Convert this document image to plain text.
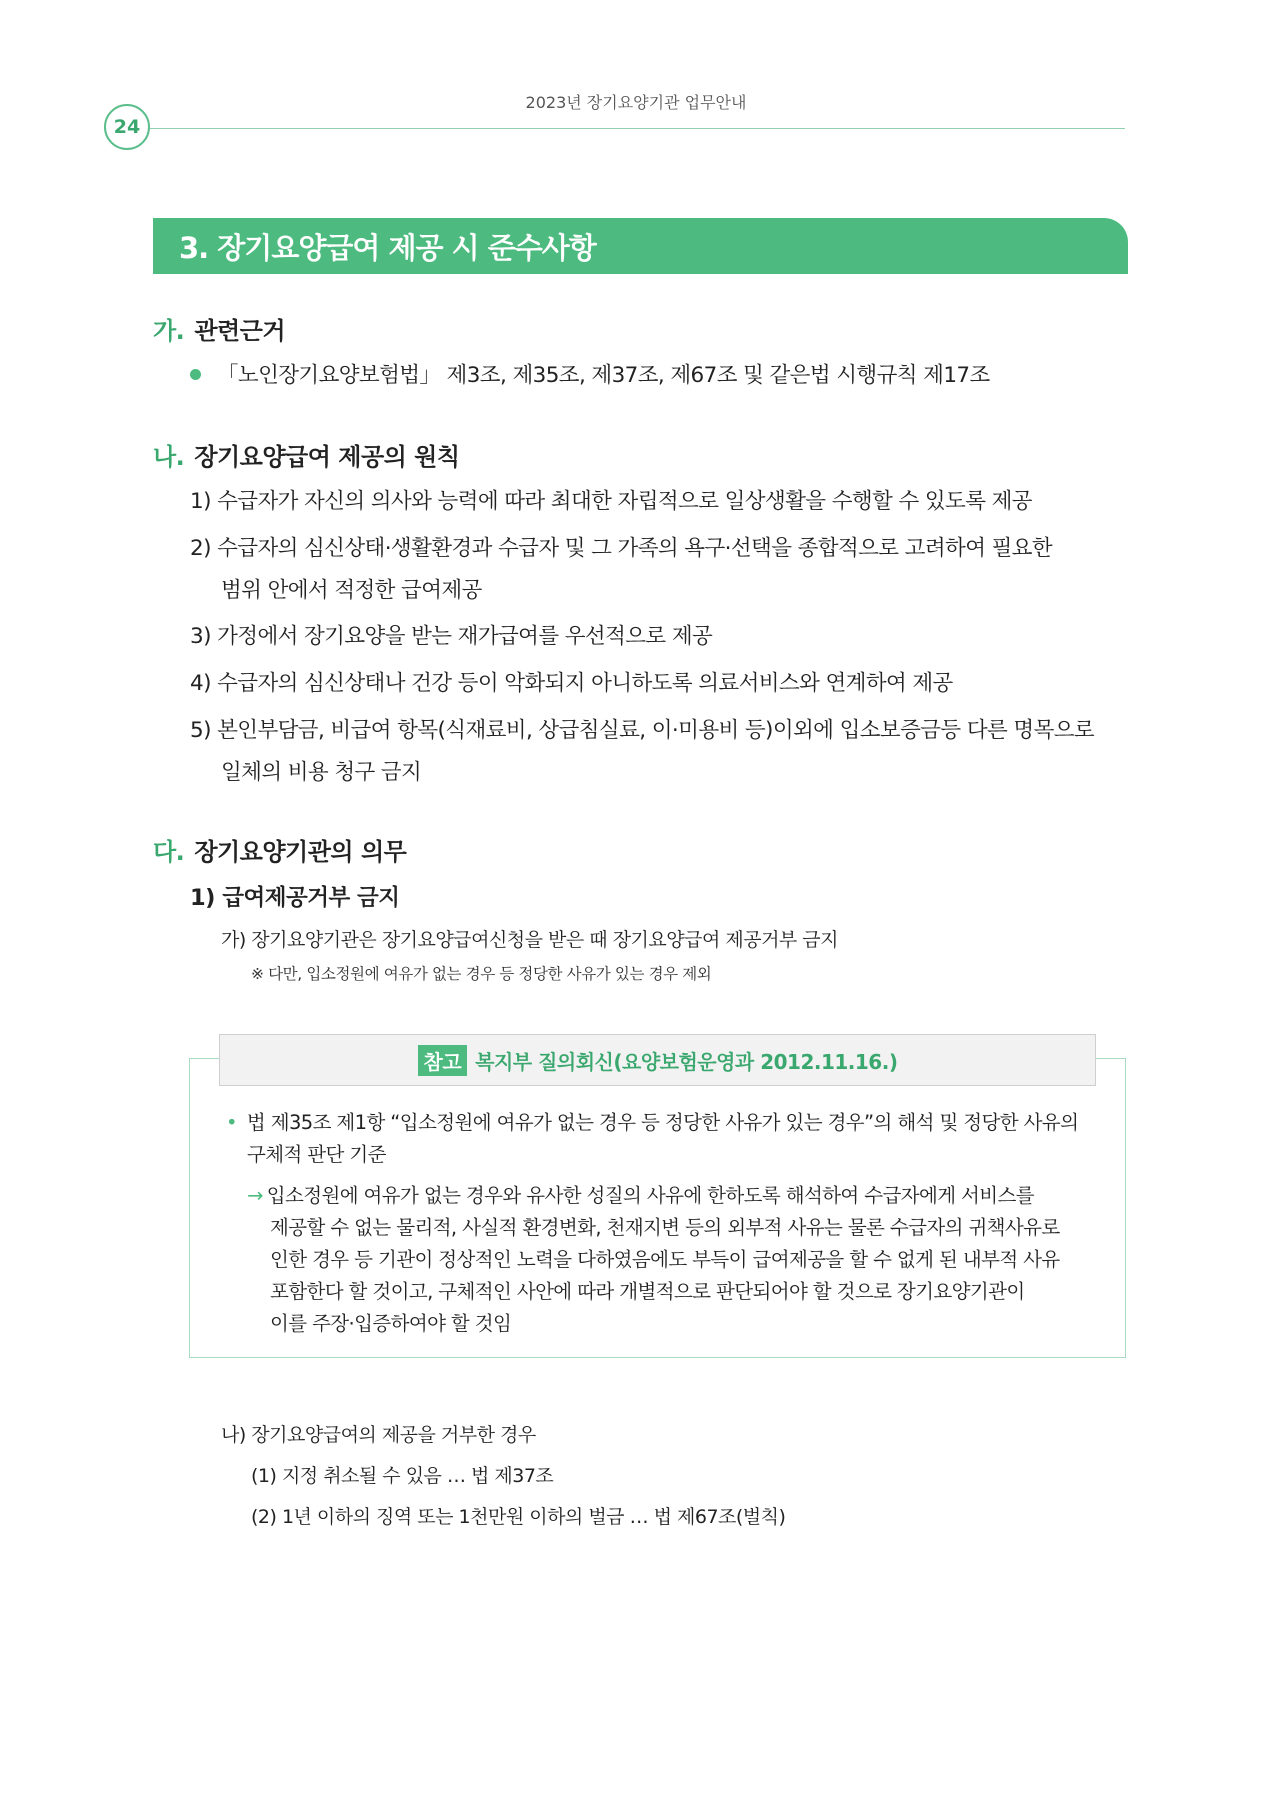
2023년 장기요양기관 업무안내
24
3. 장기요양급여 제공 시 준수사항
가. 관련근거
「노인장기요양보험법」 제3조, 제35조, 제37조, 제67조 및 같은법 시행규칙 제17조
나. 장기요양급여 제공의 원칙
1) 수급자가 자신의 의사와 능력에 따라 최대한 자립적으로 일상생활을 수행할 수 있도록 제공
2) 수급자의 심신상태·생활환경과 수급자 및 그 가족의 욕구·선택을 종합적으로 고려하여 필요한
범위 안에서 적정한 급여제공
3) 가정에서 장기요양을 받는 재가급여를 우선적으로 제공
4) 수급자의 심신상태나 건강 등이 악화되지 아니하도록 의료서비스와 연계하여 제공
5) 본인부담금, 비급여 항목(식재료비, 상급침실료, 이·미용비 등)이외에 입소보증금등 다른 명목으로
일체의 비용 청구 금지
다. 장기요양기관의 의무
1) 급여제공거부 금지
가) 장기요양기관은 장기요양급여신청을 받은 때 장기요양급여 제공거부 금지
※ 다만, 입소정원에 여유가 없는 경우 등 정당한 사유가 있는 경우 제외
참고 복지부 질의회신(요양보험운영과 2012.11.16.)
• 법 제35조 제1항 “입소정원에 여유가 없는 경우 등 정당한 사유가 있는 경우”의 해석 및 정당한 사유의
구체적 판단 기준
→ 입소정원에 여유가 없는 경우와 유사한 성질의 사유에 한하도록 해석하여 수급자에게 서비스를
제공할 수 없는 물리적, 사실적 환경변화, 천재지변 등의 외부적 사유는 물론 수급자의 귀책사유로
인한 경우 등 기관이 정상적인 노력을 다하였음에도 부득이 급여제공을 할 수 없게 된 내부적 사유
포함한다 할 것이고, 구체적인 사안에 따라 개별적으로 판단되어야 할 것으로 장기요양기관이
이를 주장·입증하여야 할 것임
나) 장기요양급여의 제공을 거부한 경우
(1) 지정 취소될 수 있음 … 법 제37조
(2) 1년 이하의 징역 또는 1천만원 이하의 벌금 … 법 제67조(벌칙)
